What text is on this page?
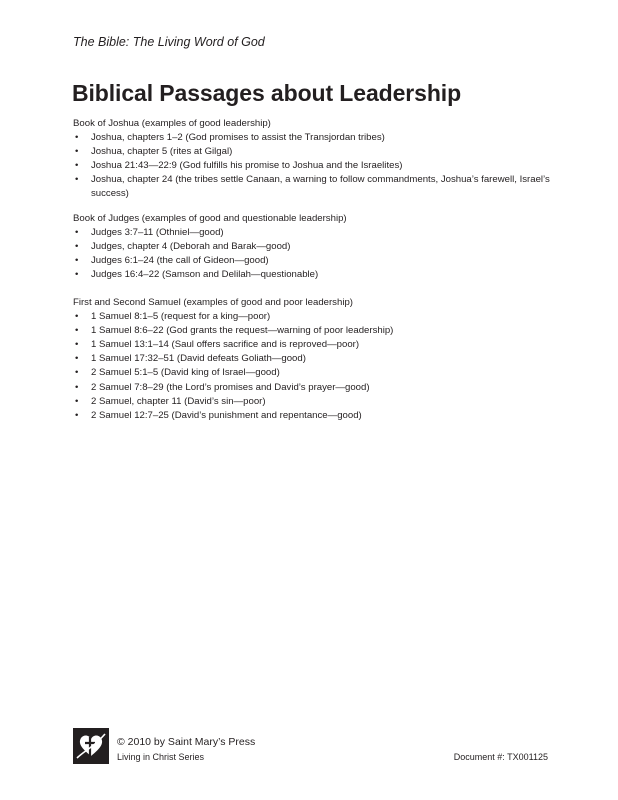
The Bible: The Living Word of God
Biblical Passages about Leadership

Book of Joshua (examples of good leadership)

• Joshua, chapters 1–2 (God promises to assist the Transjordan tribes)
• Joshua, chapter 5 (rites at Gilgal)
• Joshua 21:43—22:9 (God fulfills his promise to Joshua and the Israelites)
• Joshua, chapter 24 (the tribes settle Canaan, a warning to follow commandments, Joshua’s farewell, Israel’s success)

Book of Judges (examples of good and questionable leadership)

• Judges 3:7–11 (Othniel—good)
• Judges, chapter 4 (Deborah and Barak—good)
• Judges 6:1–24 (the call of Gideon—good)
• Judges 16:4–22 (Samson and Delilah—questionable)

First and Second Samuel (examples of good and poor leadership)

• 1 Samuel 8:1–5 (request for a king—poor)
• 1 Samuel 8:6–22 (God grants the request—warning of poor leadership)
• 1 Samuel 13:1–14 (Saul offers sacrifice and is reproved—poor)
• 1 Samuel 17:32–51 (David defeats Goliath—good)
• 2 Samuel 5:1–5 (David king of Israel—good)
• 2 Samuel 7:8–29 (the Lord’s promises and David’s prayer—good)
• 2 Samuel, chapter 11 (David’s sin—poor)
• 2 Samuel 12:7–25 (David’s punishment and repentance—good)
© 2010 by Saint Mary’s Press
Living in Christ Series	Document #: TX001125
